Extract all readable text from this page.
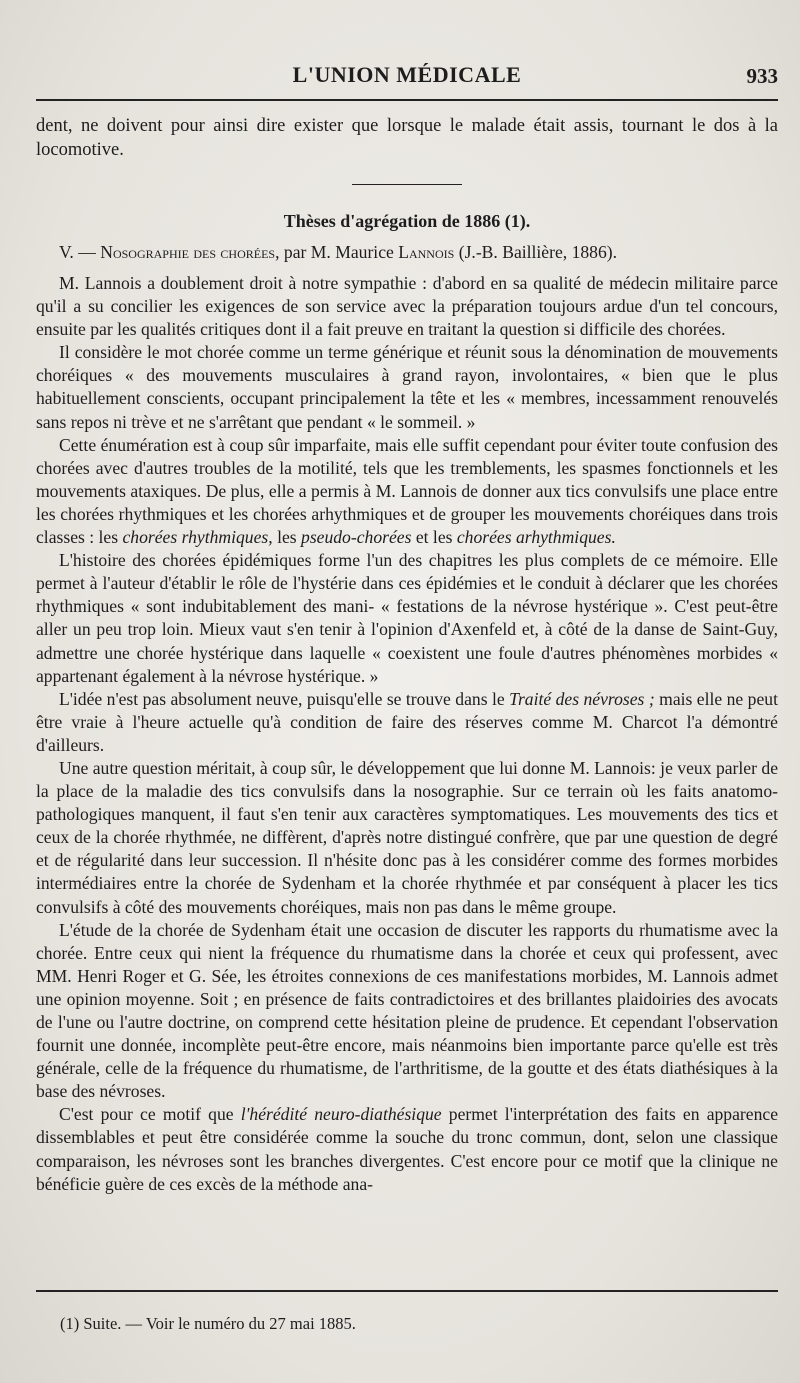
L'UNION MÉDICALE	933

dent, ne doivent pour ainsi dire exister que lorsque le malade était assis, tournant le dos à la locomotive.

Thèses d'agrégation de 1886 (1).
V. — Nosographie des chorées, par M. Maurice Lannois (J.-B. Baillière, 1886).

M. Lannois a doublement droit à notre sympathie : d'abord en sa qualité de médecin militaire parce qu'il a su concilier les exigences de son service avec la préparation toujours ardue d'un tel concours, ensuite par les qualités critiques dont il a fait preuve en traitant la question si difficile des chorées.

Il considère le mot chorée comme un terme générique et réunit sous la dénomination de mouvements choréiques « des mouvements musculaires à grand rayon, involontaires, « bien que le plus habituellement conscients, occupant principalement la tête et les « membres, incessamment renouvelés sans repos ni trève et ne s'arrêtant que pendant « le sommeil. »

Cette énumération est à coup sûr imparfaite, mais elle suffit cependant pour éviter toute confusion des chorées avec d'autres troubles de la motilité, tels que les tremblements, les spasmes fonctionnels et les mouvements ataxiques. De plus, elle a permis à M. Lannois de donner aux tics convulsifs une place entre les chorées rhythmiques et les chorées arhythmiques et de grouper les mouvements choréiques dans trois classes : les chorées rhythmiques, les pseudo-chorées et les chorées arhythmiques.

L'histoire des chorées épidémiques forme l'un des chapitres les plus complets de ce mémoire. Elle permet à l'auteur d'établir le rôle de l'hystérie dans ces épidémies et le conduit à déclarer que les chorées rhythmiques « sont indubitablement des mani- « festations de la névrose hystérique ». C'est peut-être aller un peu trop loin. Mieux vaut s'en tenir à l'opinion d'Axenfeld et, à côté de la danse de Saint-Guy, admettre une chorée hystérique dans laquelle « coexistent une foule d'autres phénomènes morbides « appartenant également à la névrose hystérique. »

L'idée n'est pas absolument neuve, puisqu'elle se trouve dans le Traité des névroses ; mais elle ne peut être vraie à l'heure actuelle qu'à condition de faire des réserves comme M. Charcot l'a démontré d'ailleurs.

Une autre question méritait, à coup sûr, le développement que lui donne M. Lannois: je veux parler de la place de la maladie des tics convulsifs dans la nosographie. Sur ce terrain où les faits anatomo-pathologiques manquent, il faut s'en tenir aux caractères symptomatiques. Les mouvements des tics et ceux de la chorée rhythmée, ne diffèrent, d'après notre distingué confrère, que par une question de degré et de régularité dans leur succession. Il n'hésite donc pas à les considérer comme des formes morbides intermédiaires entre la chorée de Sydenham et la chorée rhythmée et par conséquent à placer les tics convulsifs à côté des mouvements choréiques, mais non pas dans le même groupe.

L'étude de la chorée de Sydenham était une occasion de discuter les rapports du rhumatisme avec la chorée. Entre ceux qui nient la fréquence du rhumatisme dans la chorée et ceux qui professent, avec MM. Henri Roger et G. Sée, les étroites connexions de ces manifestations morbides, M. Lannois admet une opinion moyenne. Soit ; en présence de faits contradictoires et des brillantes plaidoiries des avocats de l'une ou l'autre doctrine, on comprend cette hésitation pleine de prudence. Et cependant l'observation fournit une donnée, incomplète peut-être encore, mais néanmoins bien importante parce qu'elle est très générale, celle de la fréquence du rhumatisme, de l'arthritisme, de la goutte et des états diathésiques à la base des névroses.

C'est pour ce motif que l'hérédité neuro-diathésique permet l'interprétation des faits en apparence dissemblables et peut être considérée comme la souche du tronc commun, dont, selon une classique comparaison, les névroses sont les branches divergentes. C'est encore pour ce motif que la clinique ne bénéficie guère de ces excès de la méthode ana-

(1) Suite. — Voir le numéro du 27 mai 1885.
